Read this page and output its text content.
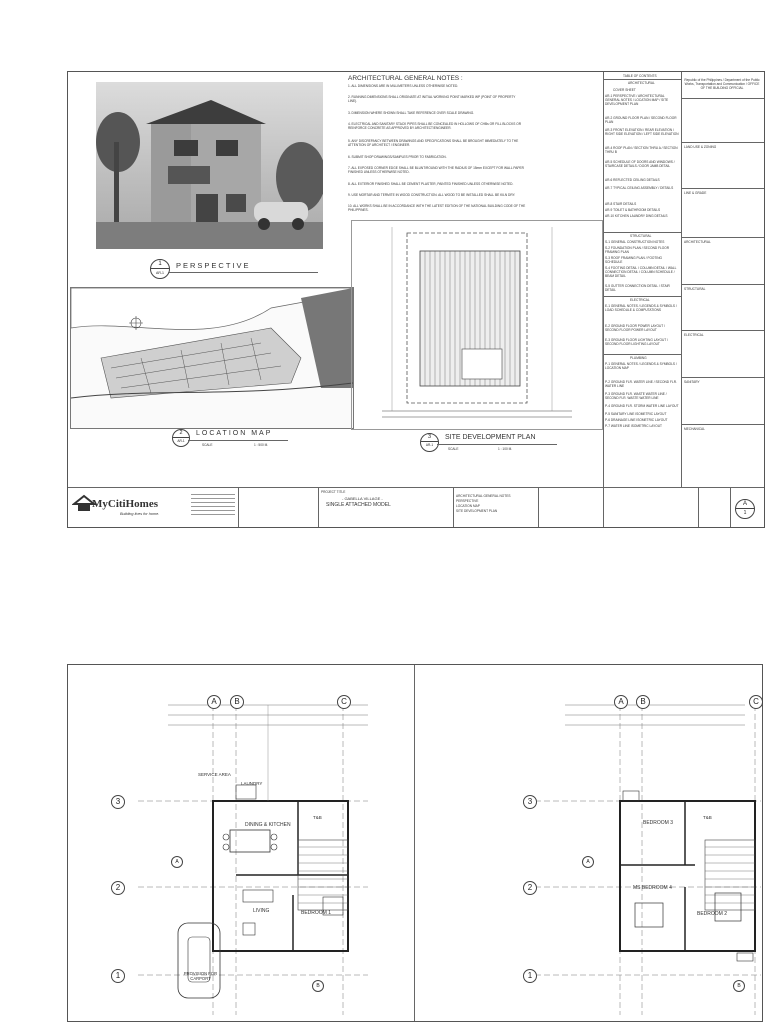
1
AR-1
PERSPECTIVE
2
AR-1
LOCATION MAP
SCALE	1 : 500 M.
ARCHITECTURAL GENERAL NOTES :
1. ALL DIMENSIONS ARE IN MILLIMETERS UNLESS OTHERWISE NOTED.
2. RUNNING DIMENSIONS SHALL ORIGINATE AT INITIAL WORKING POINT MARKED WP (POINT OF PROPERTY LINE).
3. DIMENSION WHERE SHOWN SHALL TAKE REFERENCE OVER SCALE DRAWING.
4. ELECTRICAL AND SANITARY STACK PIPES SHALL BE CONCEALED IN HOLLOWS OF CHBs OR FILL BLOCKS OR REINFORCE CONCRETE AS APPROVED BY ARCHITECT/ENGINEER.
5. ANY DISCREPANCY BETWEEN DRAWINGS AND SPECIFICATIONS SHALL BE BROUGHT IMMEDIATELY TO THE ATTENTION OF ARCHITECT / ENGINEER.
6. SUBMIT SHOP DRAWINGS/SAMPLES PRIOR TO FABRICATION.
7. ALL EXPOSED CORNER EDGE SHALL BE BLUNT/ROUND WITH THE RADIUS OF 15mm EXCEPT FOR WALL PAPER FINISHED UNLESS OTHERWISE NOTED.
8. ALL EXTERIOR FINISHED SHALL BE CEMENT PLASTER, PAINTED FINISHED UNLESS OTHERWISE NOTED.
9. USE MORTAR AND TERMITE IN WOOD CONSTRUCTION. ALL WOOD TO BE INSTALLED SHALL BE KILN DRY.
10. ALL WORKS SHALL BE IN ACCORDANCE WITH THE LATEST EDITION OF THE NATIONAL BUILDING CODE OF THE PHILIPPINES.
3
AR-1
SITE DEVELOPMENT PLAN
SCALE	1 : 100 M.
TABLE OF CONTENTS
ARCHITECTURAL
STRUCTURAL
ELECTRICAL
PLUMBING
COVER SHEET
AR-1 PERSPECTIVE / ARCHITECTURAL GENERAL NOTES / LOCATION MAP / SITE DEVELOPMENT PLAN
AR-2 GROUND FLOOR PLAN / SECOND FLOOR PLAN
AR-3 FRONT ELEVATION / REAR ELEVATION / RIGHT SIDE ELEVATION / LEFT SIDE ELEVATION
AR-4 ROOF PLAN / SECTION THRU A / SECTION THRU B
AR-5 SCHEDULE OF DOORS AND WINDOWS / STAIRCASE DETAILS / DOOR JAMB DETAIL
AR-6 REFLECTED CEILING DETAILS
AR-7 TYPICAL CEILING ASSEMBLY / DETAILS
AR-8 STAIR DETAILS
AR-9 TOILET & BATHROOM DETAILS
AR-10 KITCHEN LAUNDRY DWG DETAILS
S-1 GENERAL CONSTRUCTION NOTES
S-2 FOUNDATION PLAN / SECOND FLOOR FRAMING PLAN
S-3 ROOF FRAMING PLAN / FOOTING SCHEDULE
S-4 FOOTING DETAIL / COLUMN DETAIL / WALL CONNECTION DETAIL / COLUMN SCHEDULE / BEAM DETAIL
S-5 GUTTER CONNECTION DETAIL / STAIR DETAIL
E-1 GENERAL NOTES / LEGENDS & SYMBOLS / LOAD SCHEDULE & COMPUTATIONS
E-2 GROUND FLOOR POWER LAYOUT / SECOND FLOOR POWER LAYOUT
E-3 GROUND FLOOR LIGHTING LAYOUT / SECOND FLOOR LIGHTING LAYOUT
P-1 GENERAL NOTES / LEGENDS & SYMBOLS / LOCATION MAP
P-2 GROUND FLR. WATER LINE / SECOND FLR. WATER LINE
P-3 GROUND FLR. WASTE WATER LINE / SECOND FLR. WASTE WATER LINE
P-4 GROUND FLR. STORM WATER LINE LAYOUT
P-5 SANITARY LINE ISOMETRIC LAYOUT
P-6 DRAINAGE LINE ISOMETRIC LAYOUT
P-7 WATER LINE ISOMETRIC LAYOUT
Republic of the Philippines / Department of the Public Works, Transportation and Communication / OFFICE OF THE BUILDING OFFICIAL
LAND USE & ZONING
LINE & GRADE
ARCHITECTURAL
STRUCTURAL
ELECTRICAL
SANITARY
MECHANICAL
MyCitiHomes
Building lives for home.
PROJECT TITLE
- GABELLA VILLAGE -
SINGLE ATTACHED MODEL
ARCHITECTURAL GENERAL NOTES
PERSPECTIVE
LOCATION MAP
SITE DEVELOPMENT PLAN
A
1
A	B	C
3
2
1
A
B
SERVICE AREA
LAUNDRY
DINING & KITCHEN
T&B
LIVING	BEDROOM 1
PROVISION FOR CARPORT
A	B	C
3
2
1
A
B
BEDROOM 3
T&B
MS BEDROOM 4
BEDROOM 2
